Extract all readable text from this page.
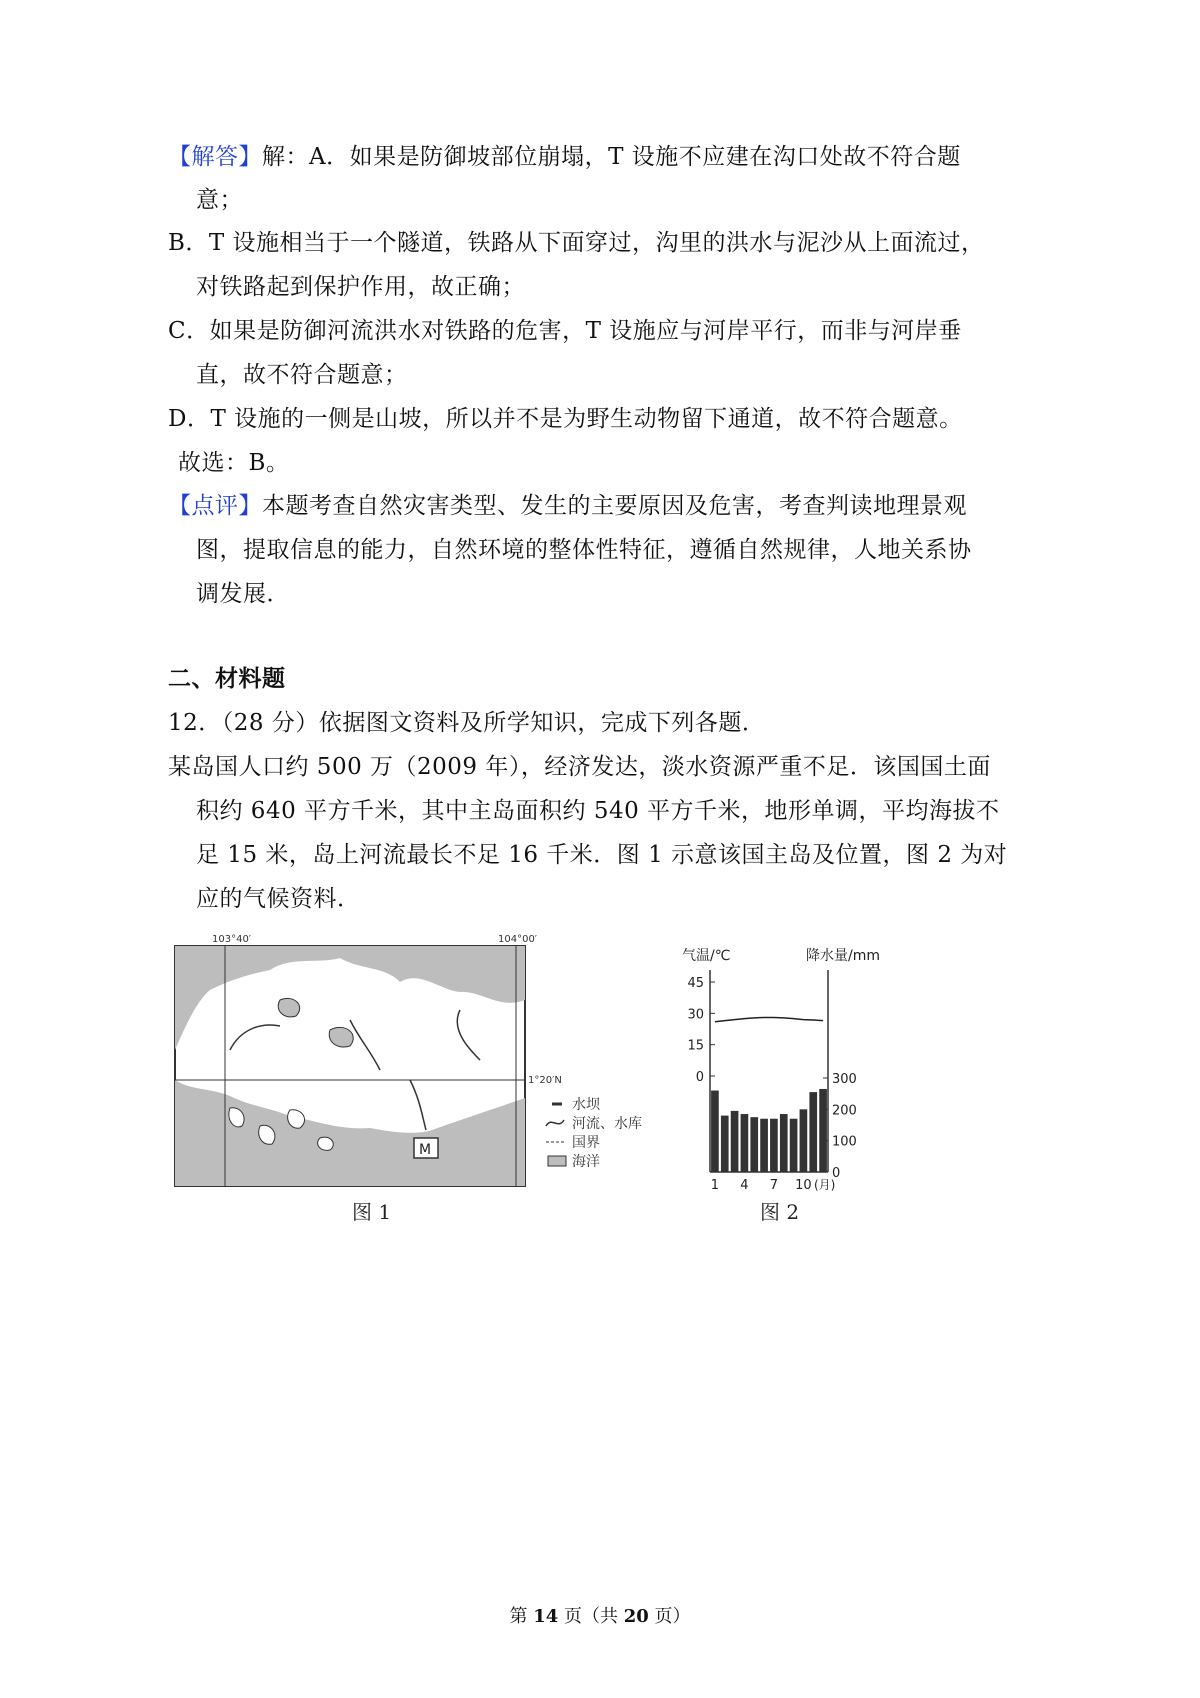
【解答】解：A．如果是防御坡部位崩塌，T 设施不应建在沟口处故不符合题
意；
B．T 设施相当于一个隧道，铁路从下面穿过，沟里的洪水与泥沙从上面流过，
对铁路起到保护作用，故正确；
C．如果是防御河流洪水对铁路的危害，T 设施应与河岸平行，而非与河岸垂
直，故不符合题意；
D．T 设施的一侧是山坡，所以并不是为野生动物留下通道，故不符合题意。
故选：B。
【点评】本题考查自然灾害类型、发生的主要原因及危害，考查判读地理景观
图，提取信息的能力，自然环境的整体性特征，遵循自然规律，人地关系协
调发展．
二、材料题
12．（28 分）依据图文资料及所学知识，完成下列各题．
某岛国人口约 500 万（2009 年），经济发达，淡水资源严重不足．该国国土面
积约 640 平方千米，其中主岛面积约 540 平方千米，地形单调，平均海拔不
足 15 米，岛上河流最长不足 16 千米．图 1 示意该国主岛及位置，图 2 为对
应的气候资料．
103°40′	104°00′
1°20′N
M
水坝
河流、水库
国界
海洋
图 1
气温/℃	降水量/mm
45
30
15
0	300
200
100
0
1 4 7 10 (月)
图 2
第 14 页（共 20 页）
